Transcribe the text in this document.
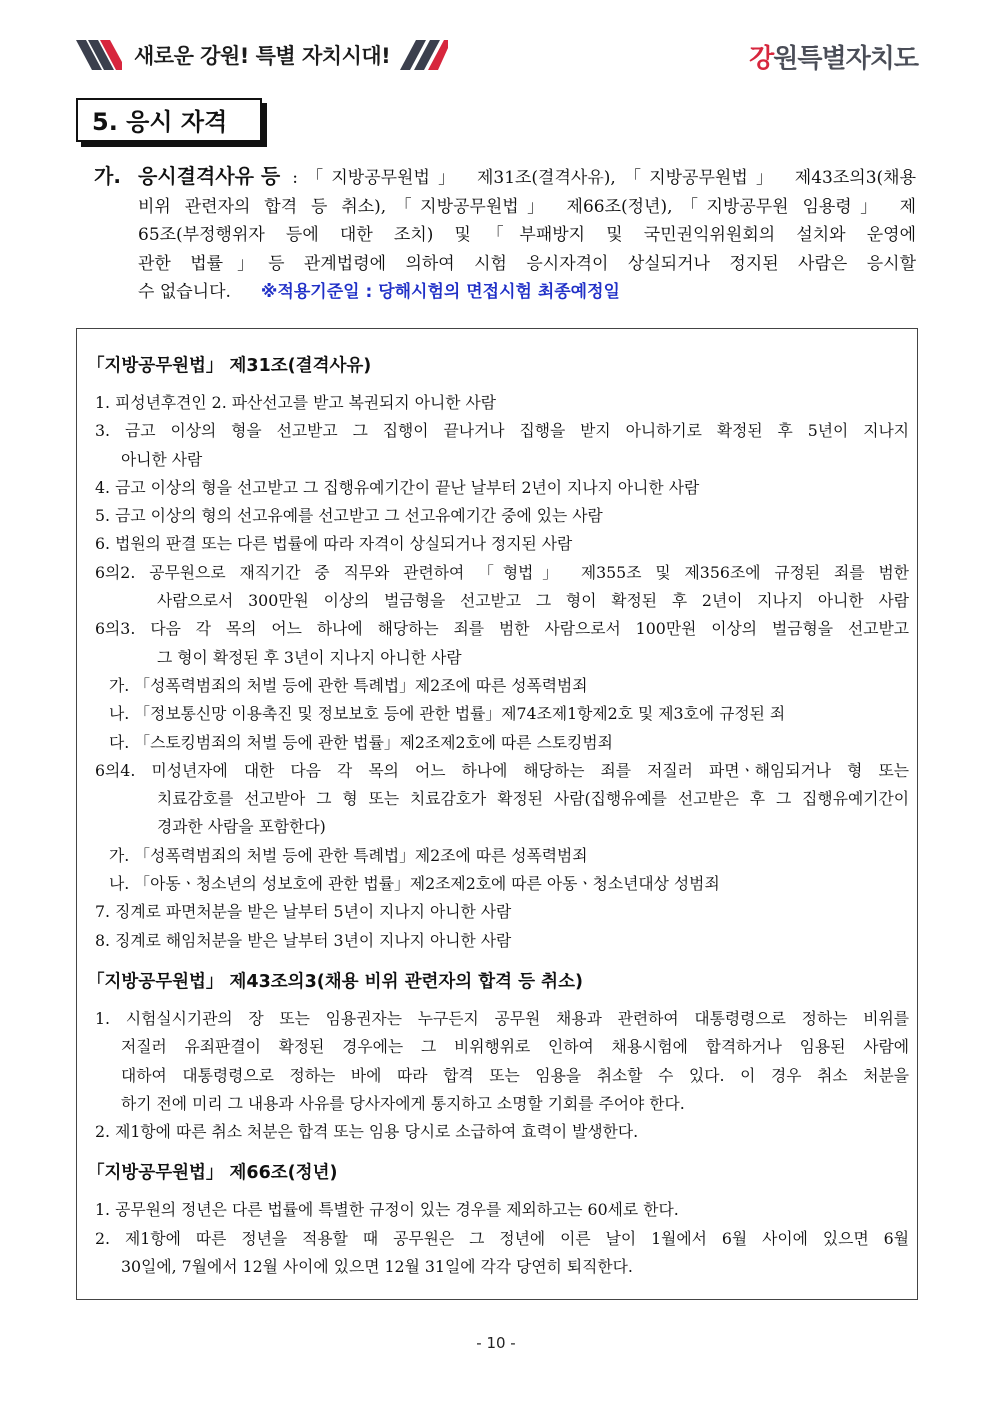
새로운 강원! 특별 자치시대!	강원특별자치도
5. 응시 자격
가. 응시결격사유 등 :「지방공무원법」 제31조(결격사유),「지방공무원법」 제43조의3(채용
비위 관련자의 합격 등 취소),「지방공무원법」 제66조(정년),「지방공무원 임용령」 제
65조(부정행위자 등에 대한 조치) 및「부패방지 및 국민권익위원회의 설치와 운영에
관한 법률」등 관계법령에 의하여 시험 응시자격이 상실되거나 정지된 사람은 응시할
수 없습니다. ※적용기준일 : 당해시험의 면접시험 최종예정일
「지방공무원법」 제31조(결격사유)
1. 피성년후견인 2. 파산선고를 받고 복권되지 아니한 사람
3. 금고 이상의 형을 선고받고 그 집행이 끝나거나 집행을 받지 아니하기로 확정된 후 5년이 지나지
아니한 사람
4. 금고 이상의 형을 선고받고 그 집행유예기간이 끝난 날부터 2년이 지나지 아니한 사람
5. 금고 이상의 형의 선고유예를 선고받고 그 선고유예기간 중에 있는 사람
6. 법원의 판결 또는 다른 법률에 따라 자격이 상실되거나 정지된 사람
6의2. 공무원으로 재직기간 중 직무와 관련하여 「형법」 제355조 및 제356조에 규정된 죄를 범한
사람으로서 300만원 이상의 벌금형을 선고받고 그 형이 확정된 후 2년이 지나지 아니한 사람
6의3. 다음 각 목의 어느 하나에 해당하는 죄를 범한 사람으로서 100만원 이상의 벌금형을 선고받고
그 형이 확정된 후 3년이 지나지 아니한 사람
가. 「성폭력범죄의 처벌 등에 관한 특례법」제2조에 따른 성폭력범죄
나. 「정보통신망 이용촉진 및 정보보호 등에 관한 법률」제74조제1항제2호 및 제3호에 규정된 죄
다. 「스토킹범죄의 처벌 등에 관한 법률」제2조제2호에 따른 스토킹범죄
6의4. 미성년자에 대한 다음 각 목의 어느 하나에 해당하는 죄를 저질러 파면ㆍ해임되거나 형 또는
치료감호를 선고받아 그 형 또는 치료감호가 확정된 사람(집행유예를 선고받은 후 그 집행유예기간이
경과한 사람을 포함한다)
가. 「성폭력범죄의 처벌 등에 관한 특례법」제2조에 따른 성폭력범죄
나. 「아동ㆍ청소년의 성보호에 관한 법률」제2조제2호에 따른 아동ㆍ청소년대상 성범죄
7. 징계로 파면처분을 받은 날부터 5년이 지나지 아니한 사람
8. 징계로 해임처분을 받은 날부터 3년이 지나지 아니한 사람
「지방공무원법」 제43조의3(채용 비위 관련자의 합격 등 취소)
1. 시험실시기관의 장 또는 임용권자는 누구든지 공무원 채용과 관련하여 대통령령으로 정하는 비위를
저질러 유죄판결이 확정된 경우에는 그 비위행위로 인하여 채용시험에 합격하거나 임용된 사람에
대하여 대통령령으로 정하는 바에 따라 합격 또는 임용을 취소할 수 있다. 이 경우 취소 처분을
하기 전에 미리 그 내용과 사유를 당사자에게 통지하고 소명할 기회를 주어야 한다.
2. 제1항에 따른 취소 처분은 합격 또는 임용 당시로 소급하여 효력이 발생한다.
「지방공무원법」 제66조(정년)
1. 공무원의 정년은 다른 법률에 특별한 규정이 있는 경우를 제외하고는 60세로 한다.
2. 제1항에 따른 정년을 적용할 때 공무원은 그 정년에 이른 날이 1월에서 6월 사이에 있으면 6월
30일에, 7월에서 12월 사이에 있으면 12월 31일에 각각 당연히 퇴직한다.
- 10 -
